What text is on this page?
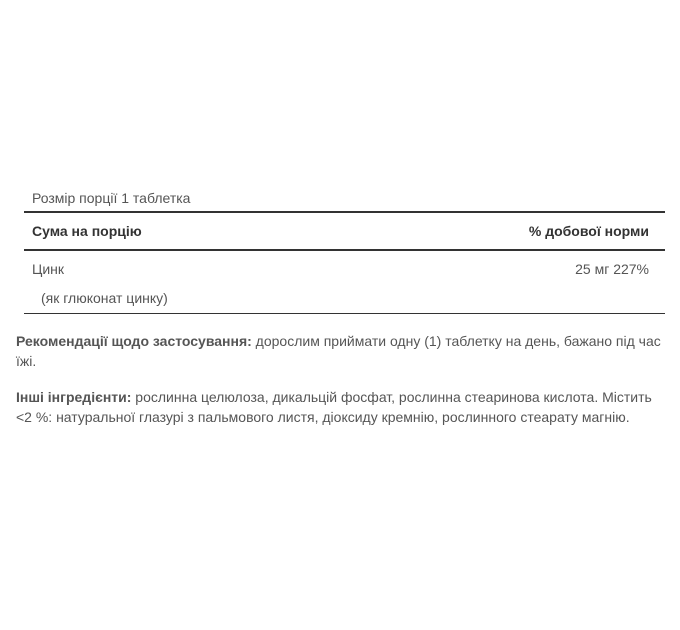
Розмір порції 1 таблетка
Сума на порцію	% добової норми
Цинк	25 мг 227%
(як глюконат цинку)

Рекомендації щодо застосування: дорослим приймати одну (1) таблетку на день, бажано під час їжі.

Інші інгредієнти: рослинна целюлоза, дикальцій фосфат, рослинна стеаринова кислота. Містить <2 %: натуральної глазурі з пальмового листя, діоксиду кремнію, рослинного стеарату магнію.
